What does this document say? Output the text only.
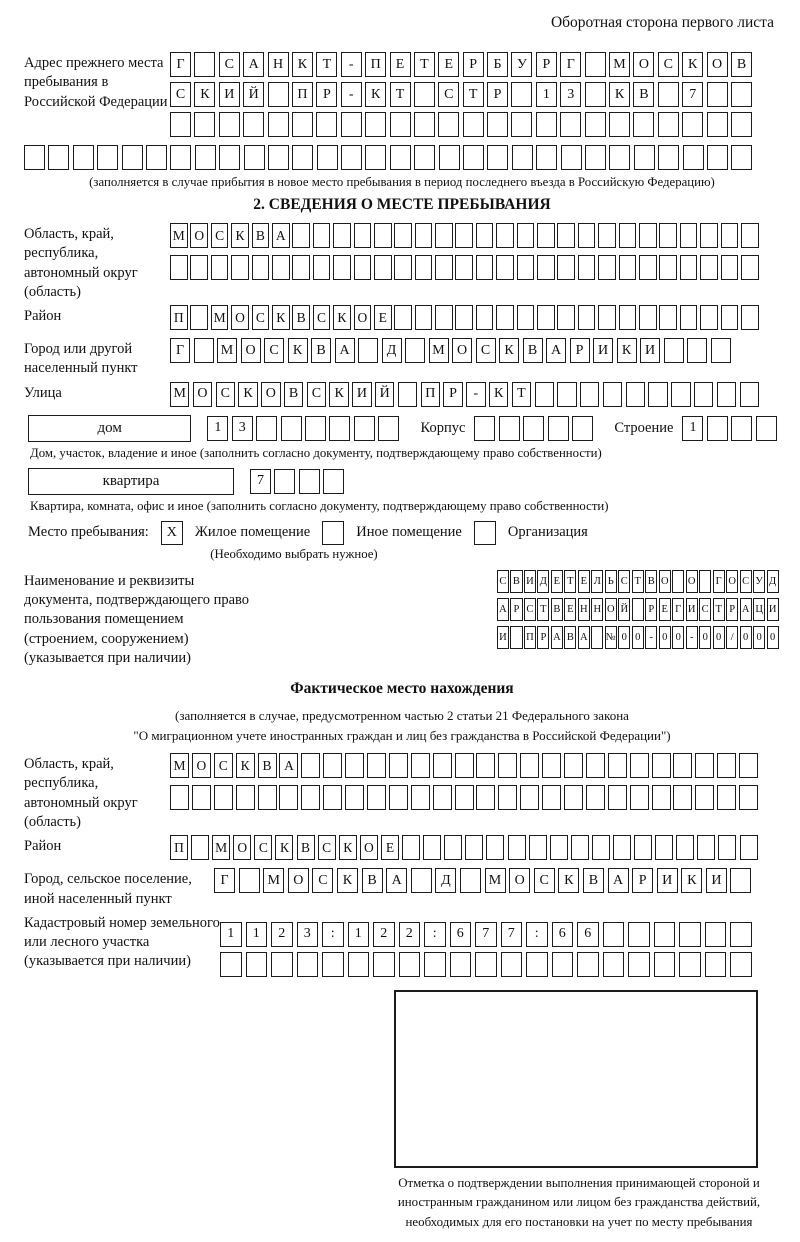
Оборотная сторона первого листа
Адрес прежнего места пребывания в Российской Федерации
Г	С	А	Н	К	Т	-	П	Е	Т	Е	Р	Б	У	Р	Г	М О	С	К	О	В
С	К	И	Й	П	Р	-	К	Т	С	Т	Р	1	3	К	В	7
(заполняется в случае прибытия в новое место пребывания в период последнего въезда в Российскую Федерацию)
2. СВЕДЕНИЯ О МЕСТЕ ПРЕБЫВАНИЯ
Область, край, республика, автономный округ (область)
М О С К В А
Район	П М О С К В С К О Е
Город или другой населенный пункт
Г	М О С	К	В А	Д	М О С	К	В А	Р	И К И
Улица	М О С К О В С К И Й	П Р	-	К Т
дом	1	3	Корпус	Строение	1
Дом, участок, владение и иное (заполнить согласно документу, подтверждающему право собственности)
квартира	7
Квартира, комната, офис и иное (заполнить согласно документу, подтверждающему право собственности)
Место пребывания:	X	Жилое помещение	Иное помещение	Организация
(Необходимо выбрать нужное)
Наименование и реквизиты документа, подтверждающего право пользования помещением (строением, сооружением) (указывается при наличии)
С В И Д Е Т Е Л Ь С Т В О О Г О С У Д
А Р С Т В Е Н Н О Й	Р Е Г И С Т Р А Ц И
И П Р А В А № 0 0 - 0 0 - 0 0 / 0 0 0
Фактическое место нахождения
(заполняется в случае, предусмотренном частью 2 статьи 21 Федерального закона
"О миграционном учете иностранных граждан и лиц без гражданства в Российской Федерации")
Область, край, республика, автономный округ (область)
М О С К В А
Район	П	М О С К В С К О Е
Город, сельское поселение, иной населенный пункт
Г	М О	С	К	В	А	Д	М О	С	К	В	А	Р	И	К	И
Кадастровый номер земельного или лесного участка (указывается при наличии)
1	1	2	3	:	1	2	2	:	6	7	7	:	6	6
Отметка о подтверждении выполнения принимающей стороной и иностранным гражданином или лицом без гражданства действий, необходимых для его постановки на учет по месту пребывания
